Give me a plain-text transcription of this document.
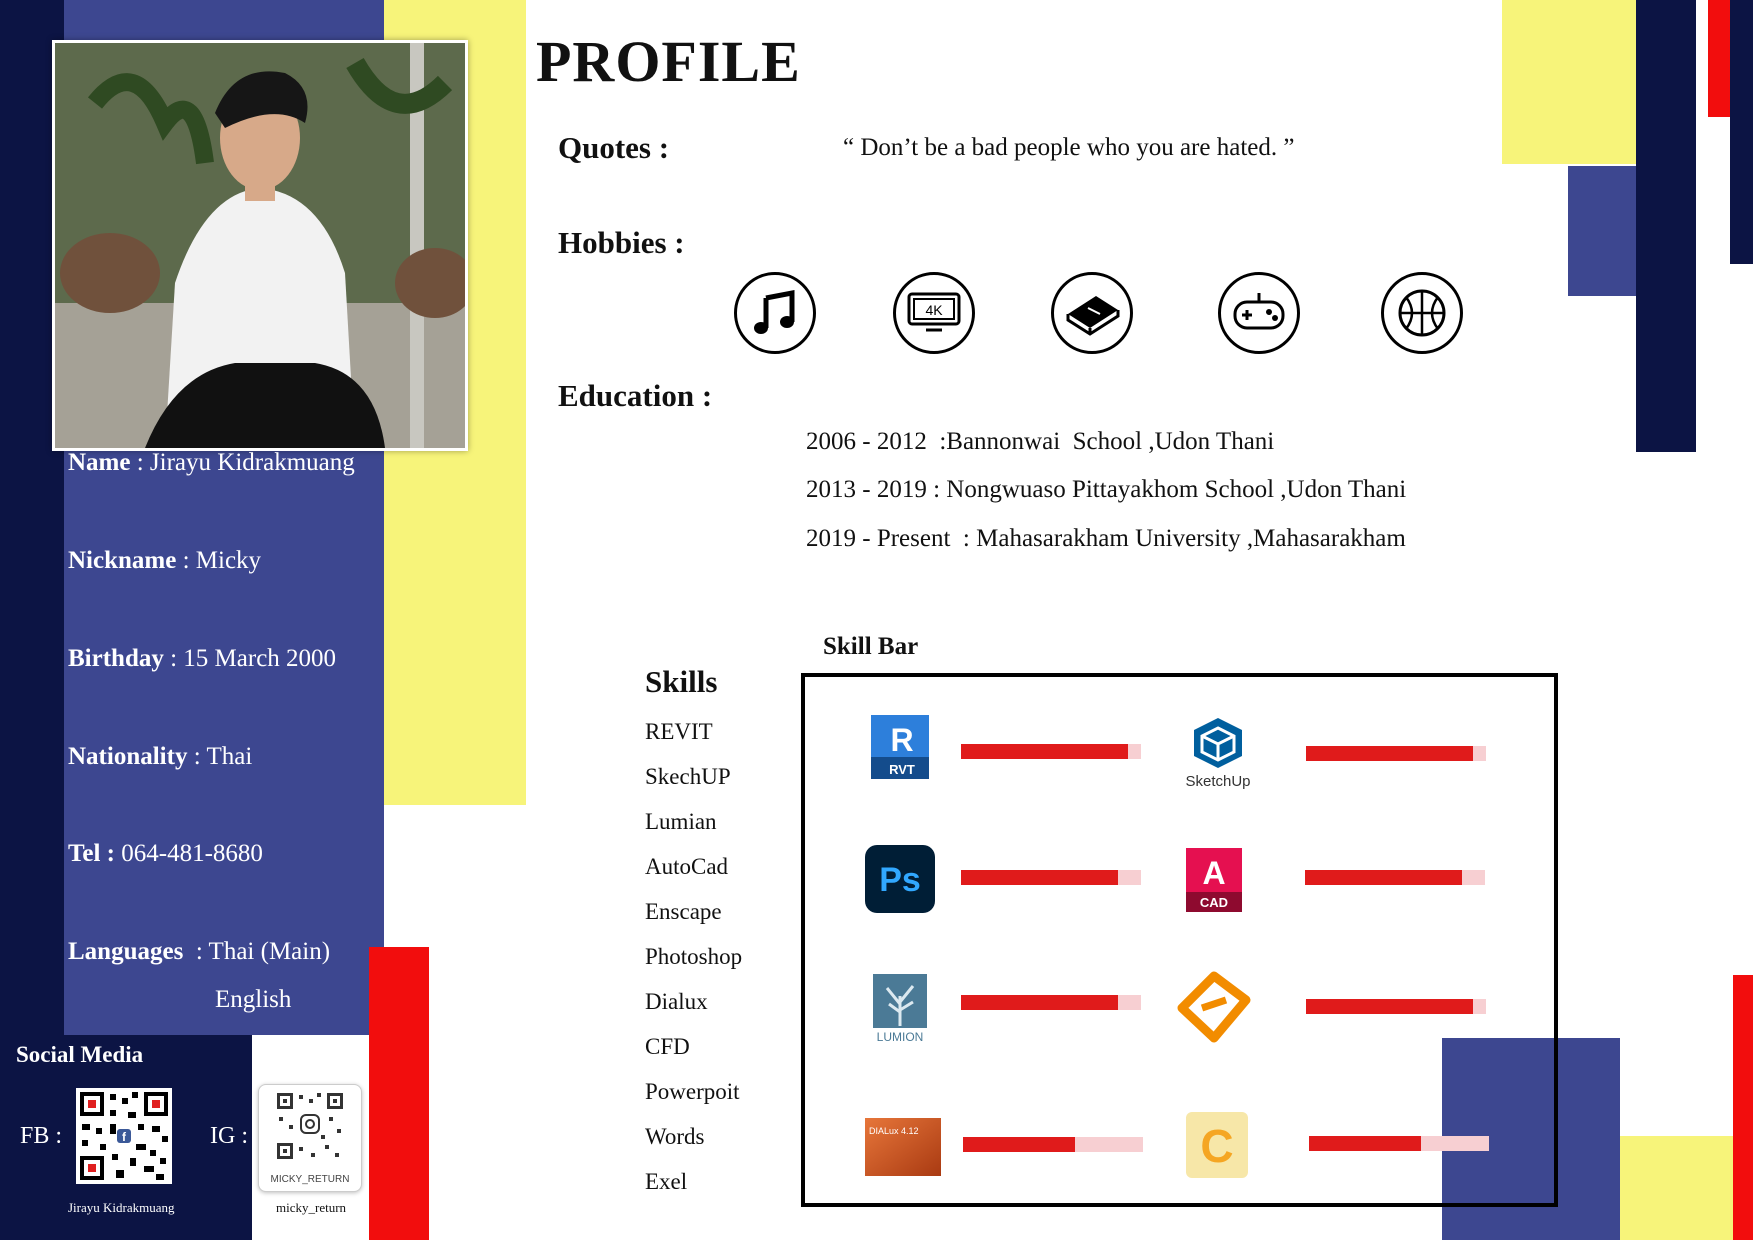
Name : Jirayu Kidrakmuang
Nickname : Micky
Birthday : 15 March 2000
Nationality : Thai
Tel : 064-481-8680
Languages  : Thai (Main)
English
Social Media
FB :	f
Jirayu Kidrakmuang
IG :
MICKY_RETURN
micky_return
PROFILE
Quotes :	“ Don’t be a bad people who you are hated. ”
Hobbies :
4K
Education :
2006 - 2012  :Bannonwai  School ,Udon Thani
2013 - 2019 : Nongwuaso Pittayakhom School ,Udon Thani
2019 - Present  : Mahasarakham University ,Mahasarakham
Skills
REVIT
SkechUP
Lumian
AutoCad
Enscape
Photoshop
Dialux
CFD
Powerpoit
Words
Exel
Skill Bar
R
RVT
SketchUp
Ps	A
CAD
LUMION
DIALux 4.12	C
